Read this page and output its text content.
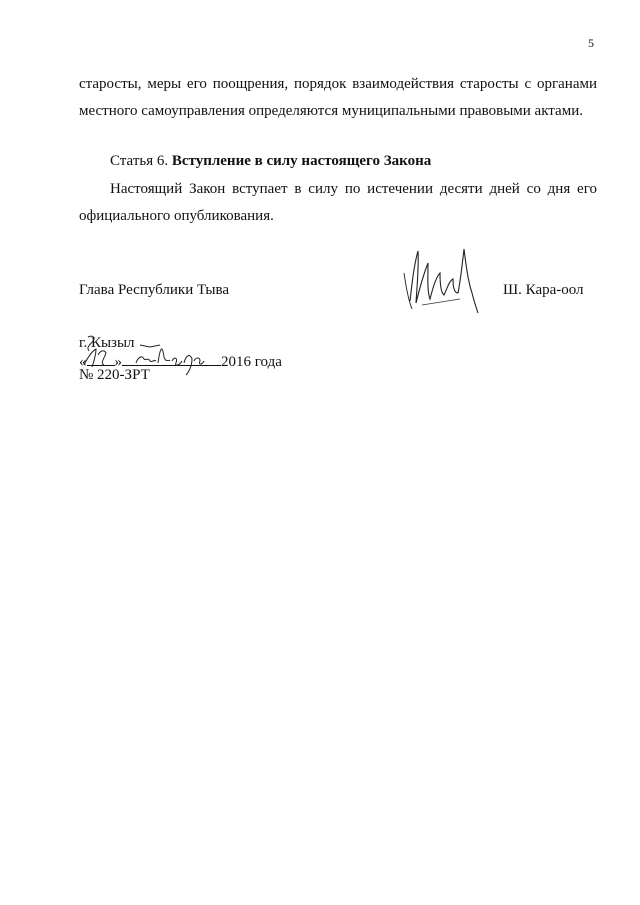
5
старосты, меры его поощрения, порядок взаимодействия старосты с органами
местного самоуправления определяются муниципальными правовыми актами.
Статья 6. Вступление в силу настоящего Закона
Настоящий Закон вступает в силу по истечении десяти дней со дня его
официального опубликования.
Глава Республики Тыва	Ш. Кара-оол
г. Кызыл
« »	2016 года
№ 220-ЗРТ
